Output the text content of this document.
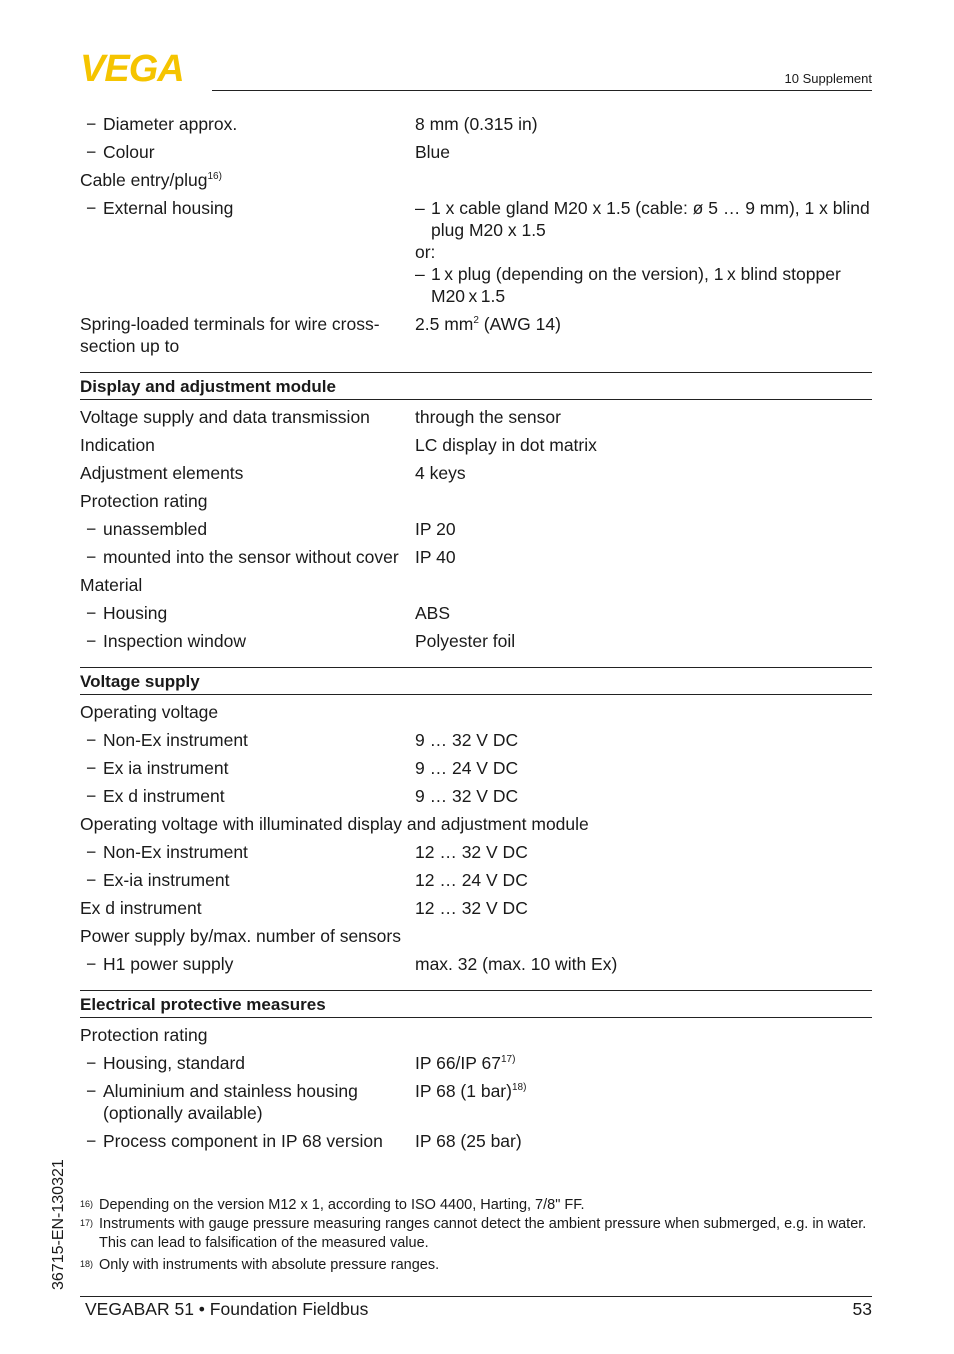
VEGA	10 Supplement
− Diameter approx.	8 mm (0.315 in)
− Colour	Blue
Cable entry/plug$^{16)}$
− External housing
–	1 x cable gland M20 x 1.5 (cable: ø 5 … 9 mm), 1 x blind plug M20 x 1.5
or:
– 1 x plug (depending on the version), 1 x blind stopper M20 x 1.5
Spring-loaded terminals for wire cross-section up to
2.5 $mm^2$ (AWG 14)
Display and adjustment module
Voltage supply and data transmission	through the sensor
Indication	LC display in dot matrix
Adjustment elements	4 keys
Protection rating
− unassembled	IP 20
− mounted into the sensor without cover IP 40
Material
− Housing	ABS
− Inspection window	Polyester foil
Voltage supply
Operating voltage
− Non-Ex instrument	9 … 32 V DC
− Ex ia instrument	9 … 24 V DC
− Ex d instrument	9 … 32 V DC
Operating voltage with illuminated display and adjustment module
− Non-Ex instrument	12 … 32 V DC
− Ex-ia instrument	12 … 24 V DC
Ex d instrument	12 … 32 V DC
Power supply by/max. number of sensors
− H1 power supply	max. 32 (max. 10 with Ex)
Electrical protective measures
Protection rating
− Housing, standard	IP 66/IP $67^{17)}$
− Aluminium and stainless housing (optionally available)
IP 68 (1 bar)$^{18)}$
− Process component in IP 68 version	IP 68 (25 bar)
16) Depending on the version M12 x 1, according to ISO 4400, Harting, 7/8" FF.
17) Instruments with gauge pressure measuring ranges cannot detect the ambient pressure when submerged, e.g. in water. This can lead to falsification of the measured value.
18) Only with instruments with absolute pressure ranges.
36715-EN-130321
VEGABAR 51 • Foundation Fieldbus	53
